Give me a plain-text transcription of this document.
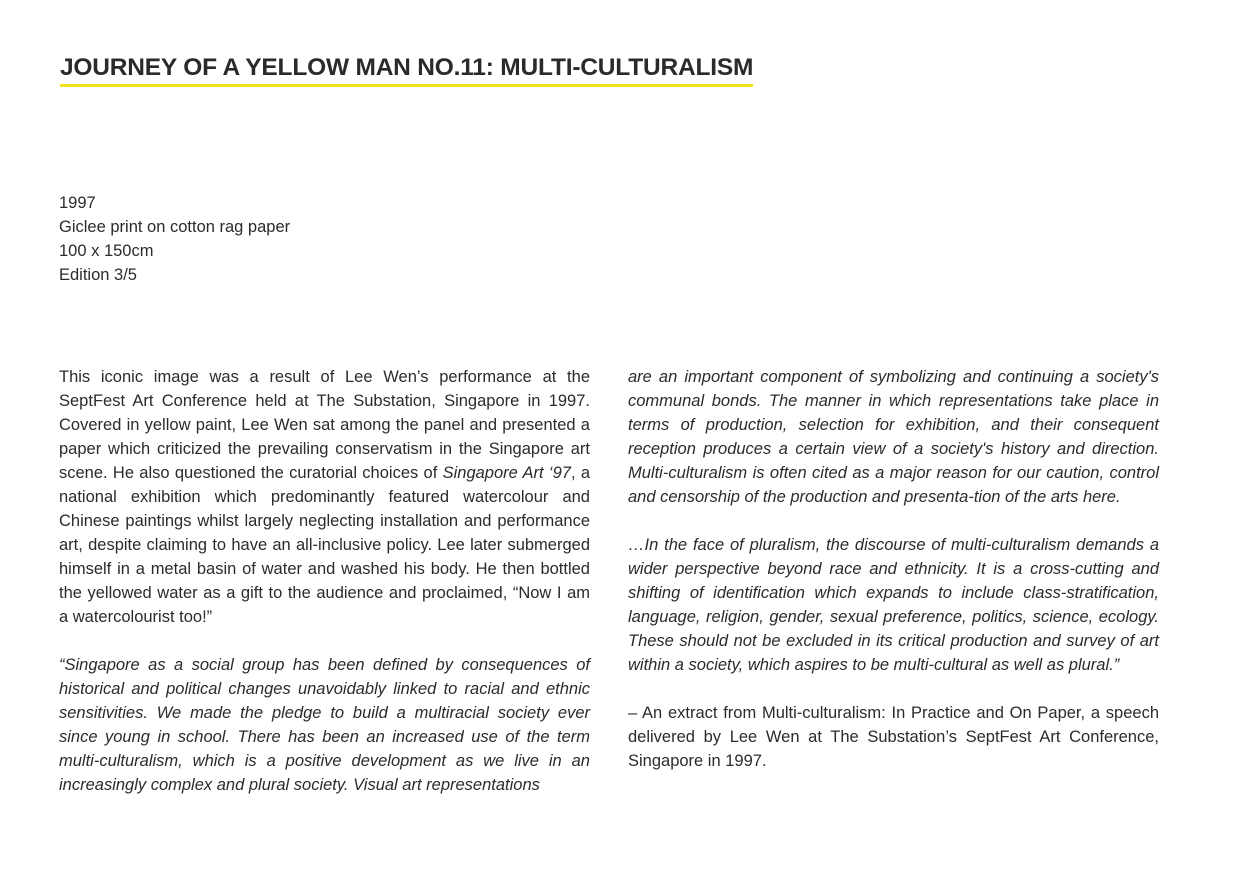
JOURNEY OF A YELLOW MAN NO.11: MULTI-CULTURALISM
1997
Giclee print on cotton rag paper
100 x 150cm
Edition 3/5

This iconic image was a result of Lee Wen’s performance at the SeptFest Art Conference held at The Substation, Singapore in 1997. Covered in yellow paint, Lee Wen sat among the panel and presented a paper which criticized the prevailing conservatism in the Singapore art scene. He also questioned the curatorial choices of Singapore Art ‘97, a national exhibition which predominantly featured watercolour and Chinese paintings whilst largely neglecting installation and performance art, despite claiming to have an all-inclusive policy. Lee later submerged himself in a metal basin of water and washed his body. He then bottled the yellowed water as a gift to the audience and proclaimed, “Now I am a watercolourist too!”

“Singapore as a social group has been defined by consequences of historical and political changes unavoidably linked to racial and ethnic sensitivities. We made the pledge to build a multiracial society ever since young in school. There has been an increased use of the term multi-culturalism, which is a positive development as we live in an increasingly complex and plural society. Visual art representations

are an important component of symbolizing and continuing a society's communal bonds. The manner in which representations take place in terms of production, selection for exhibition, and their consequent reception produces a certain view of a society's history and direction. Multi-culturalism is often cited as a major reason for our caution, control and censorship of the production and presenta-tion of the arts here.

…In the face of pluralism, the discourse of multi-culturalism demands a wider perspective beyond race and ethnicity. It is a cross-cutting and shifting of identification which expands to include class-stratification, language, religion, gender, sexual preference, politics, science, ecology. These should not be excluded in its critical production and survey of art within a society, which aspires to be multi-cultural as well as plural.”

– An extract from Multi-culturalism: In Practice and On Paper, a speech delivered by Lee Wen at The Substation’s SeptFest Art Conference, Singapore in 1997.
